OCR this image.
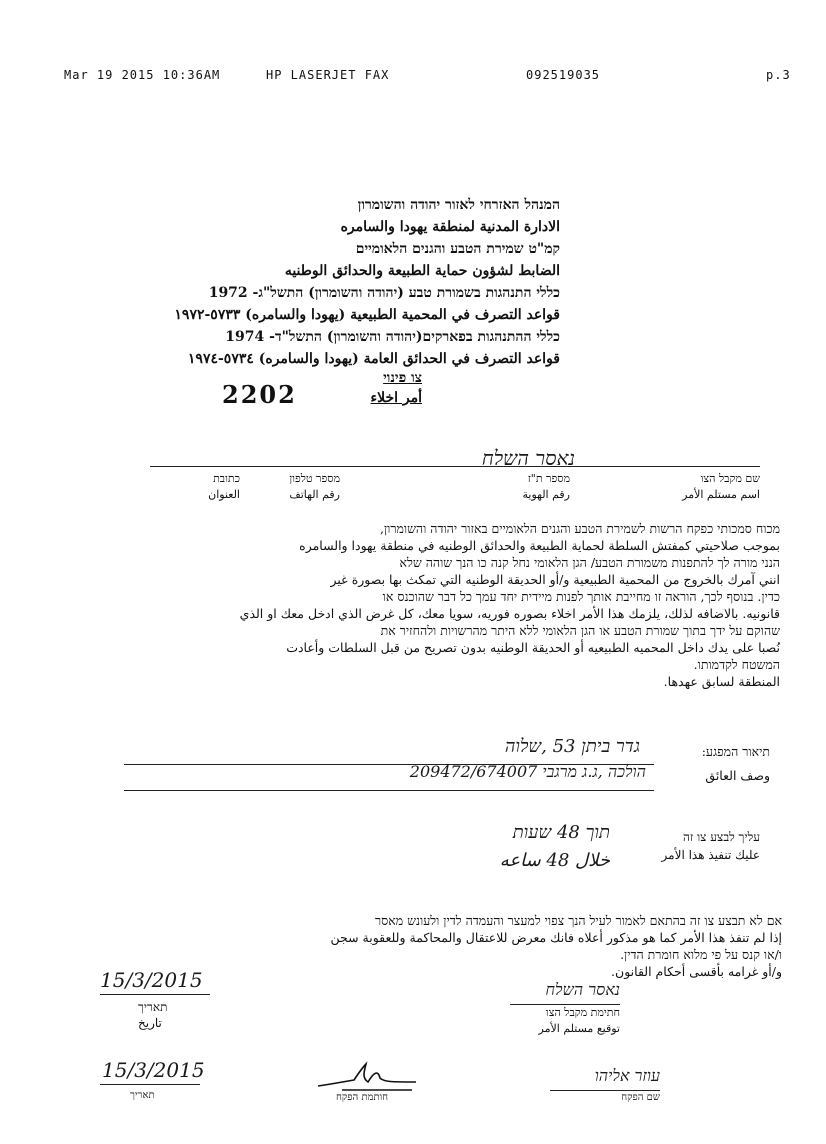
Mar 19 2015 10:36AM	HP LASERJET FAX	092519035	p.3
המנהל האזרחי לאזור יהודה והשומרון
الادارة المدنية لمنطقة يهودا والسامره
קמ"ט שמירת הטבע והגנים הלאומיים
الضابط لشؤون حماية الطبيعة والحدائق الوطنيه
כללי התנהגות בשמורת טבע (יהודה והשומרון) התשל"ג- 1972
قواعد التصرف في المحمية الطبيعية (يهودا والسامره) ٥٧٣٣-١٩٧٢
כללי ההתנהגות בפארקים(יהודה והשומרון) התשל"ד- 1974
قواعد التصرف في الحدائق العامة (يهودا والسامره) ٥٧٣٤-١٩٧٤
2202
צו פינוי
أمر اخلاء
נאסר השלח
שם מקבל הצו
اسم مستلم الأمر
מספר ת"ז
رقم الهوية
מספר טלפון
رقم الهاتف
כתובת
العنوان
מכוח סמכותי כפקח הרשות לשמירת הטבע והגנים הלאומיים באזור יהודה והשומרון,
بموجب صلاحيتي كمفتش السلطة لحماية الطبيعة والحدائق الوطنيه في منطقة يهودا والسامره
הנני מורה לך להתפנות משמורת הטבע/ הגן הלאומי נחל קנה כו הנך שוהה שלא
انني آمرك بالخروج من المحمية الطبيعية و/أو الحديقة الوطنيه التي تمكث بها بصورة غير
כדין. בנוסף לכך, הוראה זו מחייבת אותך לפנות מיידית יחד עמך כל דבר שהוכנס או
قانونيه. بالاضافه لذلك، يلزمك هذا الأمر اخلاء بصوره فوريه، سويا معك، كل غرض الذي ادخل معك او الذي
שהוקם על ידך בתוך שמורת הטבע או הגן הלאומי ללא היתר מהרשויות ולהחזיר את
نُصبا على يدك داخل المحميه الطبيعيه أو الحديقة الوطنيه بدون تصريح من قبل السلطات وأعادت
המשטח לקדמותו.
المنطقة لسابق عهدها.
תיאור המפגע:
وصف العائق
גדר ביתן 53 ,שלוה
הולכה ,ג.ג מרגבי 209472/674007
עליך לבצע צו זה
عليك تنفيذ هذا الأمر
תוך 48 שעות
خلال 48 ساعه
אם לא תבצע צו זה בהתאם לאמור לעיל הנך צפוי למעצר והעמדה לדין ולעונש מאסר
إذا لم تنفذ هذا الأمر كما هو مذكور أعلاه فانك معرض للاعتقال والمحاكمة وللعقوبة سجن
ו/או קנס על פי מלוא חומרת הדין.
و/أو غرامه بأقسى أحكام القانون.
15/3/2015
תאריך
تاريخ
נאסר השלח
חתימת מקבל הצו
توقيع مستلم الأمر
15/3/2015
תאריך	חותמת הפקח
עוזר אליהו
שם הפקח
